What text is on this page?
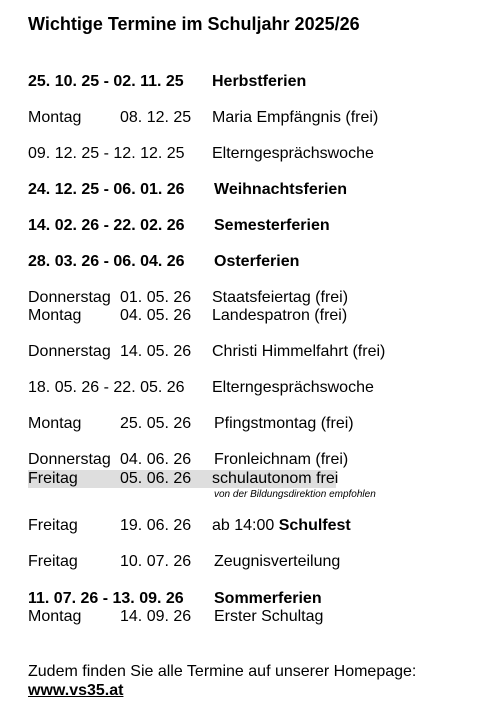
Wichtige Termine im Schuljahr 2025/26
25. 10. 25 - 02. 11. 25 Herbstferien
Montag 08. 12. 25 Maria Empfängnis (frei)
09. 12. 25 - 12. 12. 25 Elterngesprächswoche
24. 12. 25 - 06. 01. 26 Weihnachtsferien
14. 02. 26 - 22. 02. 26 Semesterferien
28. 03. 26 - 06. 04. 26 Osterferien
Donnerstag 01. 05. 26 Staatsfeiertag (frei)
Montag 04. 05. 26 Landespatron (frei)
Donnerstag 14. 05. 26 Christi Himmelfahrt (frei)
18. 05. 26 - 22. 05. 26 Elterngesprächswoche
Montag 25. 05. 26 Pfingstmontag (frei)
Donnerstag 04. 06. 26 Fronleichnam (frei)
Freitag	05. 06. 26 schulautonom frei
von der Bildungsdirektion empfohlen
Freitag	19. 06. 26 ab 14:00 Schulfest
Freitag	10. 07. 26 Zeugnisverteilung
11. 07. 26 - 13. 09. 26 Sommerferien
Montag 14. 09. 26 Erster Schultag
Zudem finden Sie alle Termine auf unserer Homepage:
www.vs35.at
